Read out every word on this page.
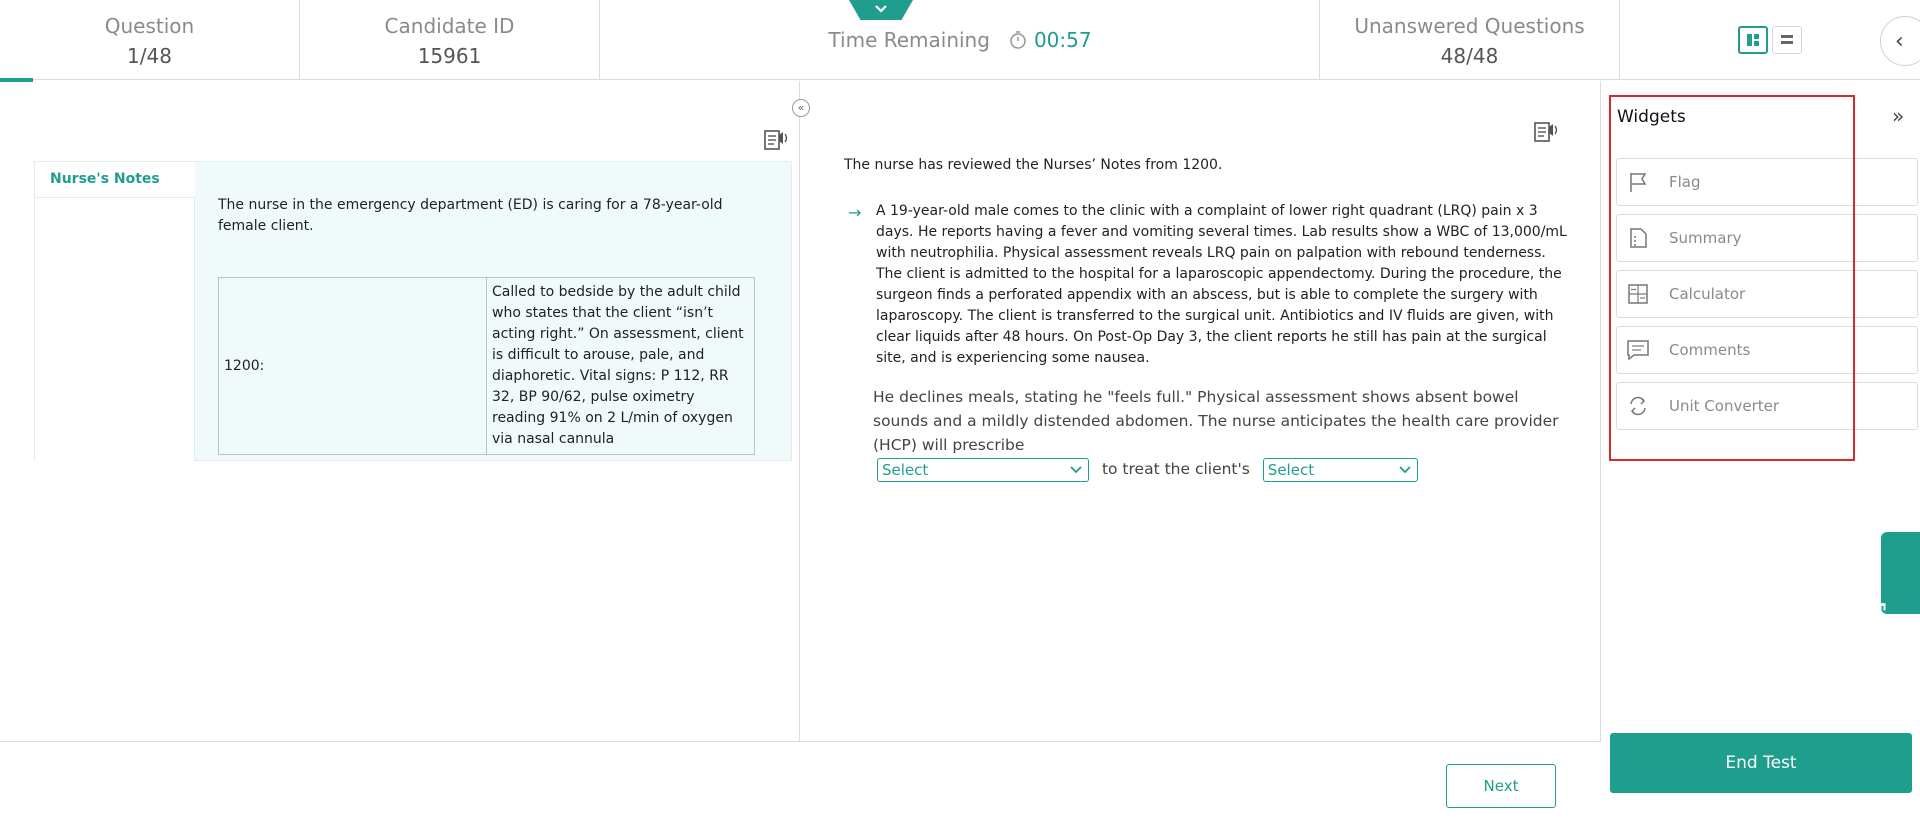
Question
1/48
Candidate ID
15961
Time Remaining 00:57
Unanswered Questions
48/48
‹
«
Nurse's Notes
The nurse in the emergency department (ED) is caring for a 78-year-old female client.
1200:	Called to bedside by the adult child who states that the client “isn’t acting right.” On assessment, client is difficult to arouse, pale, and diaphoretic. Vital signs: P 112, RR 32, BP 90/62, pulse oximetry reading 91% on 2 L/min of oxygen via nasal cannula
The nurse has reviewed the Nurses’ Notes from 1200.
→ A 19-year-old male comes to the clinic with a complaint of lower right quadrant (LRQ) pain x 3 days. He reports having a fever and vomiting several times. Lab results show a WBC of 13,000/mL with neutrophilia. Physical assessment reveals LRQ pain on palpation with rebound tenderness. The client is admitted to the hospital for a laparoscopic appendectomy. During the procedure, the surgeon finds a perforated appendix with an abscess, but is able to complete the surgery with laparoscopy. The client is transferred to the surgical unit. Antibiotics and IV fluids are given, with clear liquids after 48 hours. On Post-Op Day 3, the client reports he still has pain at the surgical site, and is experiencing some nausea.
He declines meals, stating he "feels full." Physical assessment shows absent bowel sounds and a mildly distended abdomen. The nurse anticipates the health care provider (HCP) will prescribe
Select	to treat the client's Select
Widgets
Flag
Summary
Calculator
Comments
Unit Converter
»
Feedback
End Test
Next
